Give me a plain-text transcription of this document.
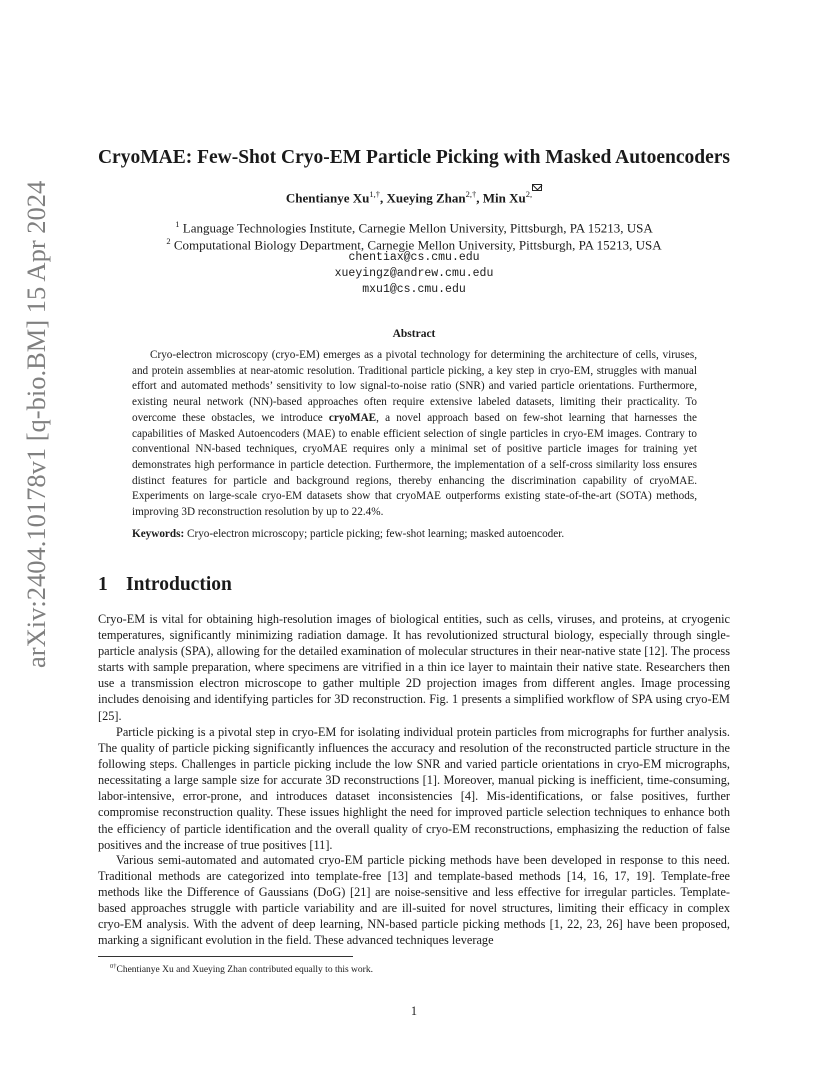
arXiv:2404.10178v1 [q-bio.BM] 15 Apr 2024
CryoMAE: Few-Shot Cryo-EM Particle Picking with Masked Autoencoders
Chentianye $Xu^{1,\dagger}$, Xueying Zhan$^{2,\dagger}$, Min $Xu^{2,}$
$^1$ Language Technologies Institute, Carnegie Mellon University, Pittsburgh, PA 15213, USA
$^2$ Computational Biology Department, Carnegie Mellon University, Pittsburgh, PA 15213, USA
chentiax@cs.cmu.edu
xueyingz@andrew.cmu.edu
mxu1@cs.cmu.edu
Abstract

Cryo-electron microscopy (cryo-EM) emerges as a pivotal technology for determining the architecture of cells, viruses, and protein assemblies at near-atomic resolution. Traditional particle picking, a key step in cryo-EM, struggles with manual effort and automated methods’ sensitivity to low signal-to-noise ratio (SNR) and varied particle orientations. Furthermore, existing neural network (NN)-based approaches often require extensive labeled datasets, limiting their practicality. To overcome these obstacles, we introduce cryoMAE, a novel approach based on few-shot learning that harnesses the capabilities of Masked Autoencoders (MAE) to enable efficient selection of single particles in cryo-EM images. Contrary to conventional NN-based techniques, cryoMAE requires only a minimal set of positive particle images for training yet demonstrates high performance in particle detection. Furthermore, the implementation of a self-cross similarity loss ensures distinct features for particle and background regions, thereby enhancing the discrimination capability of cryoMAE. Experiments on large-scale cryo-EM datasets show that cryoMAE outperforms existing state-of-the-art (SOTA) methods, improving 3D reconstruction resolution by up to 22.4%.

Keywords: Cryo-electron microscopy; particle picking; few-shot learning; masked autoencoder.
1 Introduction

Cryo-EM is vital for obtaining high-resolution images of biological entities, such as cells, viruses, and proteins, at cryogenic temperatures, significantly minimizing radiation damage. It has revolutionized structural biology, especially through single-particle analysis (SPA), allowing for the detailed examination of molecular structures in their near-native state [12]. The process starts with sample preparation, where specimens are vitrified in a thin ice layer to maintain their native state. Researchers then use a transmission electron microscope to gather multiple 2D projection images from different angles. Image processing includes denoising and identifying particles for 3D reconstruction. Fig. 1 presents a simplified workflow of SPA using cryo-EM [25].

Particle picking is a pivotal step in cryo-EM for isolating individual protein particles from micrographs for further analysis. The quality of particle picking significantly influences the accuracy and resolution of the reconstructed particle structure in the following steps. Challenges in particle picking include the low SNR and varied particle orientations in cryo-EM micrographs, necessitating a large sample size for accurate 3D reconstructions [1]. Moreover, manual picking is inefficient, time-consuming, labor-intensive, error-prone, and introduces dataset inconsistencies [4]. Mis-identifications, or false positives, further compromise reconstruction quality. These issues highlight the need for improved particle selection techniques to enhance both the efficiency of particle identification and the overall quality of cryo-EM reconstructions, emphasizing the reduction of false positives and the increase of true positives [11].

Various semi-automated and automated cryo-EM particle picking methods have been developed in response to this need. Traditional methods are categorized into template-free [13] and template-based methods [14, 16, 17, 19]. Template-free methods like the Difference of Gaussians (DoG) [21] are noise-sensitive and less effective for irregular particles. Template-based approaches struggle with particle variability and are ill-suited for novel structures, limiting their efficacy in complex cryo-EM analysis. With the advent of deep learning, NN-based particle picking methods [1, 22, 23, 26] have been proposed, marking a significant evolution in the field. These advanced techniques leverage

$^{0\dagger}$Chentianye Xu and Xueying Zhan contributed equally to this work.
1
